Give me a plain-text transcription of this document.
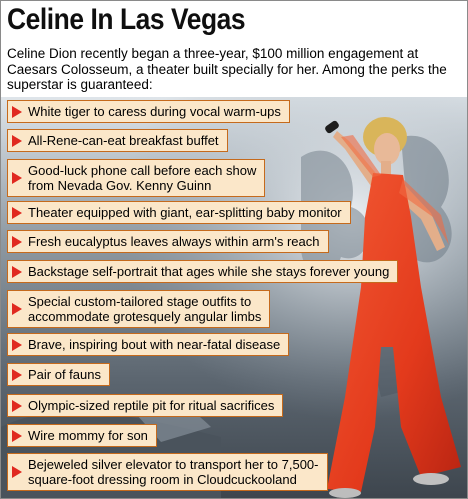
Celine In Las Vegas
Celine Dion recently began a three-year, $100 million engagement at Caesars Colosseum, a theater built specially for her. Among the perks the superstar is guaranteed:
White tiger to caress during vocal warm-ups
All-Rene-can-eat breakfast buffet
Good-luck phone call before each show
from Nevada Gov. Kenny Guinn
Theater equipped with giant, ear-splitting baby monitor
Fresh eucalyptus leaves always within arm's reach
Backstage self-portrait that ages while she stays forever young
Special custom-tailored stage outfits to
accommodate grotesquely angular limbs
Brave, inspiring bout with near-fatal disease
Pair of fauns
Olympic-sized reptile pit for ritual sacrifices
Wire mommy for son
Bejeweled silver elevator to transport her to 7,500-
square-foot dressing room in Cloudcuckooland
